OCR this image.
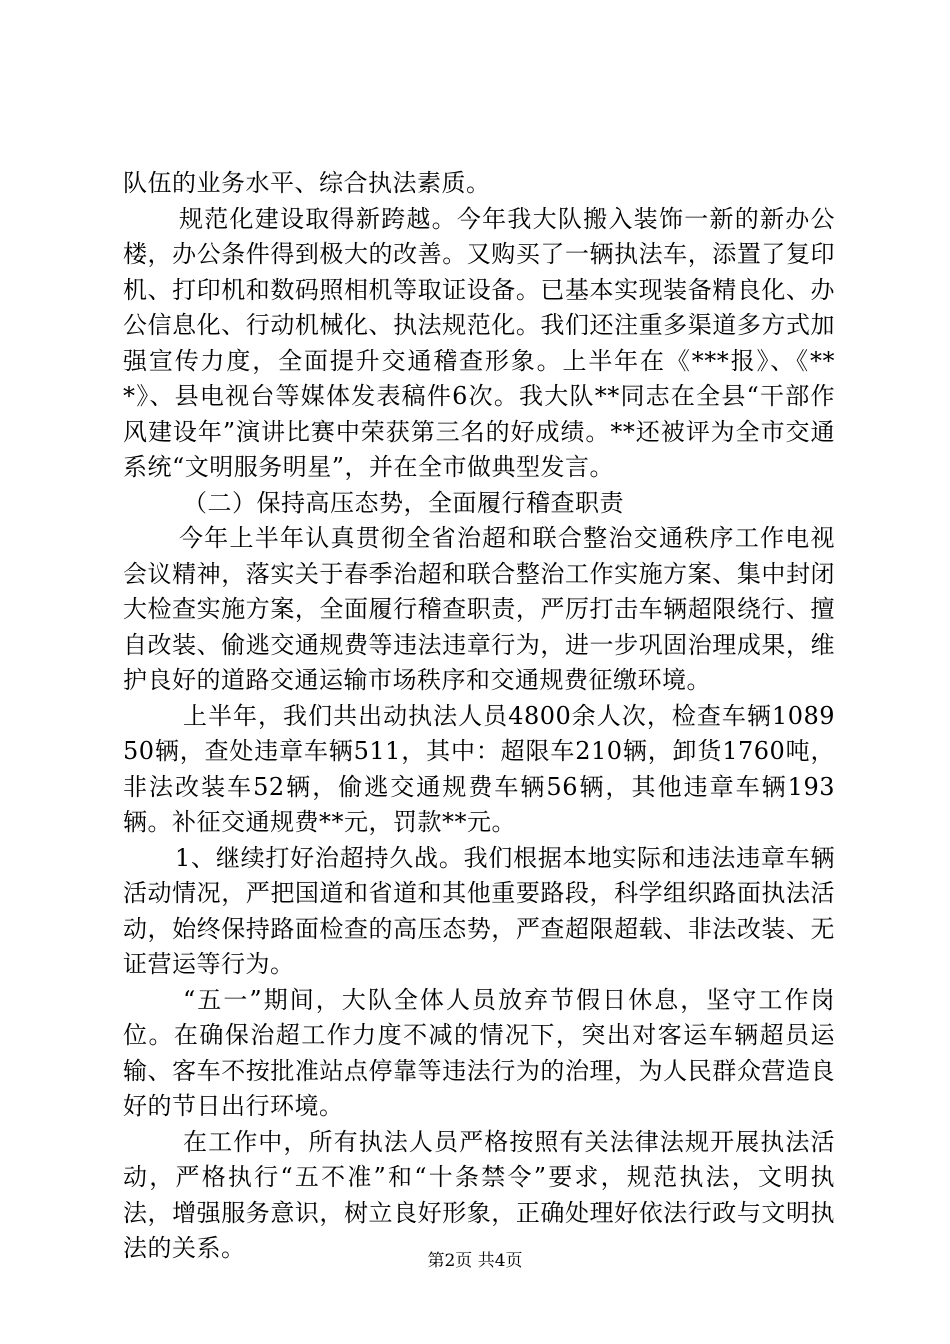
队伍的业务水平、综合执法素质。

规范化建设取得新跨越。今年我大队搬入装饰一新的新办公楼，办公条件得到极大的改善。又购买了一辆执法车，添置了复印机、打印机和数码照相机等取证设备。已基本实现装备精良化、办公信息化、行动机械化、执法规范化。我们还注重多渠道多方式加强宣传力度，全面提升交通稽查形象。上半年在《***报》、《***》、县电视台等媒体发表稿件6次。我大队**同志在全县“干部作风建设年”演讲比赛中荣获第三名的好成绩。**还被评为全市交通系统“文明服务明星”，并在全市做典型发言。

（二）保持高压态势，全面履行稽查职责

今年上半年认真贯彻全省治超和联合整治交通秩序工作电视会议精神，落实关于春季治超和联合整治工作实施方案、集中封闭大检查实施方案，全面履行稽查职责，严厉打击车辆超限绕行、擅自改装、偷逃交通规费等违法违章行为，进一步巩固治理成果，维护良好的道路交通运输市场秩序和交通规费征缴环境。

上半年，我们共出动执法人员4800余人次，检查车辆108950辆，查处违章车辆511，其中：超限车210辆，卸货1760吨，非法改装车52辆，偷逃交通规费车辆56辆，其他违章车辆193辆。补征交通规费**元，罚款**元。

1、继续打好治超持久战。我们根据本地实际和违法违章车辆活动情况，严把国道和省道和其他重要路段，科学组织路面执法活动，始终保持路面检查的高压态势，严查超限超载、非法改装、无证营运等行为。

“五一”期间，大队全体人员放弃节假日休息，坚守工作岗位。在确保治超工作力度不减的情况下，突出对客运车辆超员运输、客车不按批准站点停靠等违法行为的治理，为人民群众营造良好的节日出行环境。

在工作中，所有执法人员严格按照有关法律法规开展执法活动，严格执行“五不准”和“十条禁令”要求，规范执法，文明执法，增强服务意识，树立良好形象，正确处理好依法行政与文明执法的关系。	第2页 共4页
